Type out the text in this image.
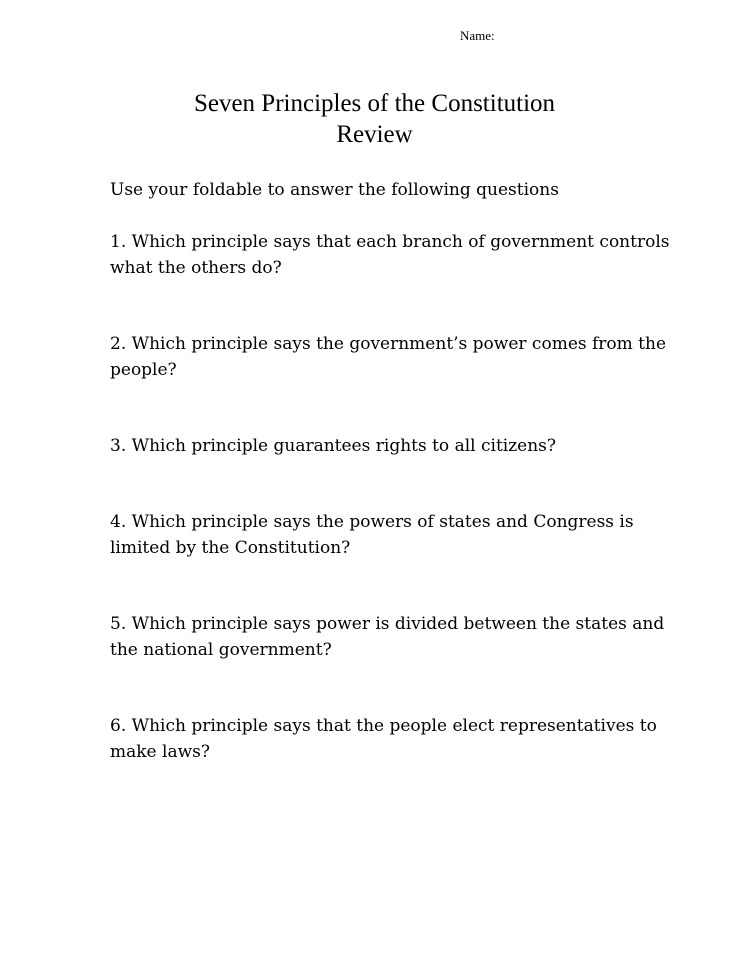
Name:

Seven Principles of the Constitution
Review

Use your foldable to answer the following questions

1. Which principle says that each branch of government controls what the others do?

2. Which principle says the government’s power comes from the people?

3. Which principle guarantees rights to all citizens?

4. Which principle says the powers of states and Congress is limited by the Constitution?

5. Which principle says power is divided between the states and the national government?

6. Which principle says that the people elect representatives to make laws?
